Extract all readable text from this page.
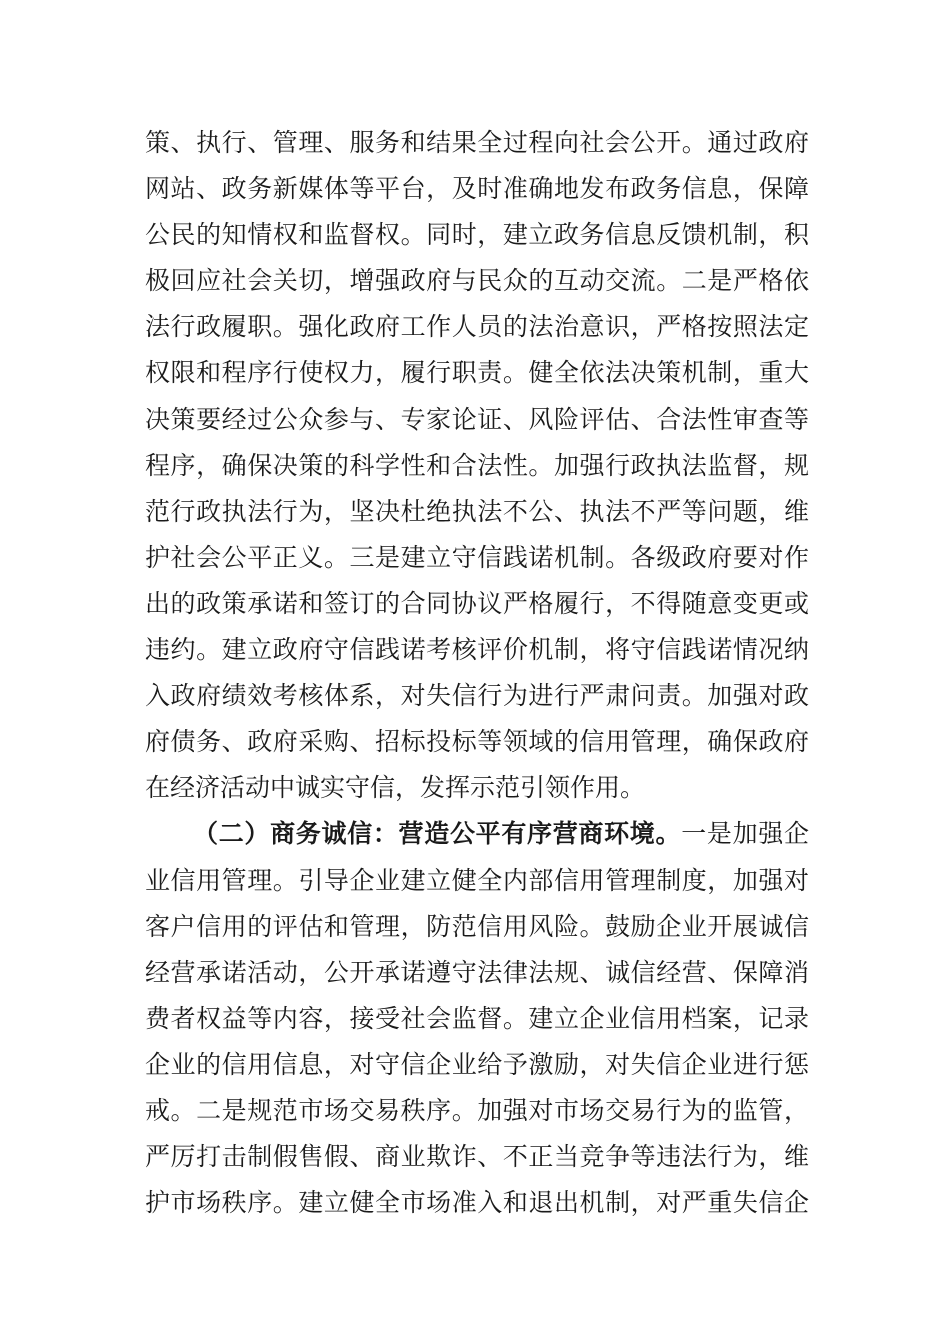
策、执行、管理、服务和结果全过程向社会公开。通过政府
网站、政务新媒体等平台，及时准确地发布政务信息，保障
公民的知情权和监督权。同时，建立政务信息反馈机制，积
极回应社会关切，增强政府与民众的互动交流。二是严格依
法行政履职。强化政府工作人员的法治意识，严格按照法定
权限和程序行使权力，履行职责。健全依法决策机制，重大
决策要经过公众参与、专家论证、风险评估、合法性审查等
程序，确保决策的科学性和合法性。加强行政执法监督，规
范行政执法行为，坚决杜绝执法不公、执法不严等问题，维
护社会公平正义。三是建立守信践诺机制。各级政府要对作
出的政策承诺和签订的合同协议严格履行，不得随意变更或
违约。建立政府守信践诺考核评价机制，将守信践诺情况纳
入政府绩效考核体系，对失信行为进行严肃问责。加强对政
府债务、政府采购、招标投标等领域的信用管理，确保政府
在经济活动中诚实守信，发挥示范引领作用。
（二）商务诚信：营造公平有序营商环境。一是加强企
业信用管理。引导企业建立健全内部信用管理制度，加强对
客户信用的评估和管理，防范信用风险。鼓励企业开展诚信
经营承诺活动，公开承诺遵守法律法规、诚信经营、保障消
费者权益等内容，接受社会监督。建立企业信用档案，记录
企业的信用信息，对守信企业给予激励，对失信企业进行惩
戒。二是规范市场交易秩序。加强对市场交易行为的监管，
严厉打击制假售假、商业欺诈、不正当竞争等违法行为，维
护市场秩序。建立健全市场准入和退出机制，对严重失信企
